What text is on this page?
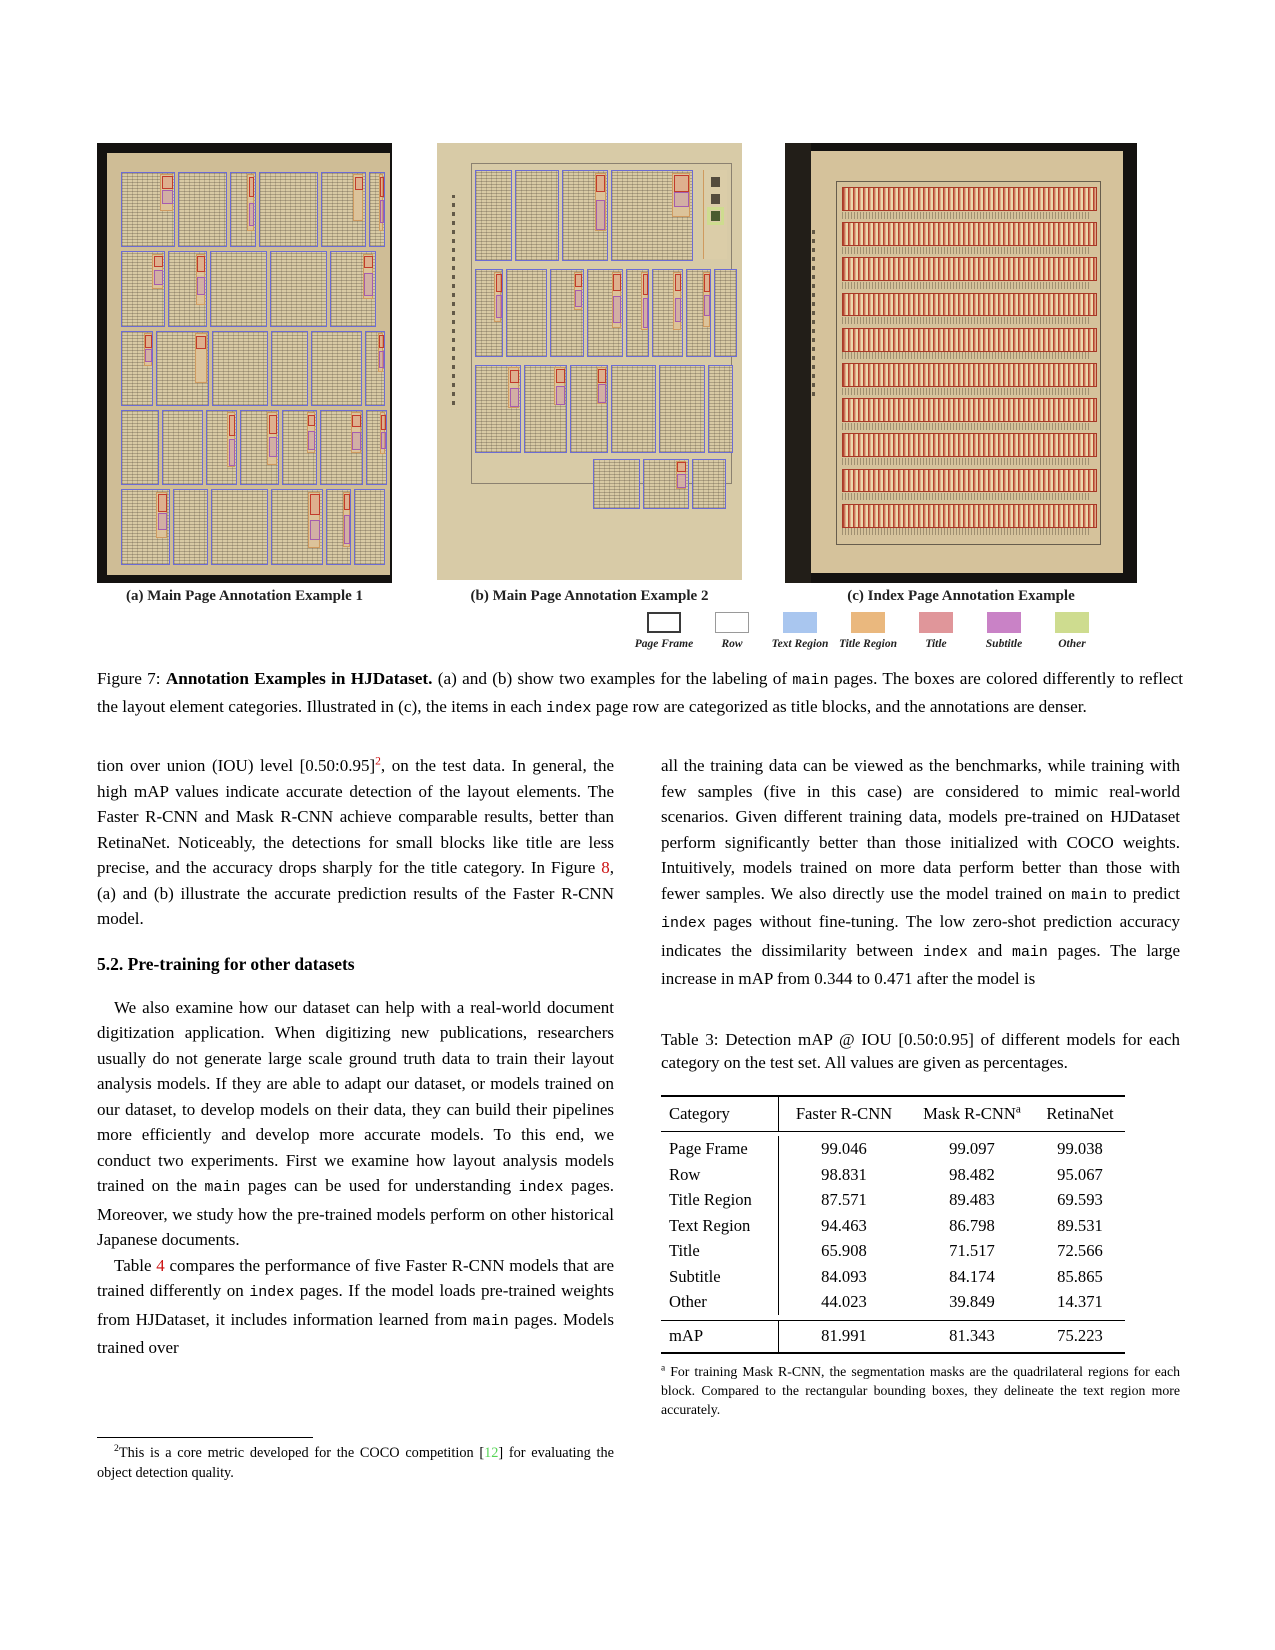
(a) Main Page Annotation Example 1	(b) Main Page Annotation Example 2	(c) Index Page Annotation Example
Page Frame	Row	Text Region Title Region	Title	Subtitle	Other
Figure 7: Annotation Examples in HJDataset. (a) and (b) show two examples for the labeling of main pages. The boxes are colored differently to reflect the layout element categories. Illustrated in (c), the items in each index page row are categorized as title blocks, and the annotations are denser.

tion over union (IOU) level [0.50:0.95]$^2$, on the test data. In general, the high mAP values indicate accurate detection of the layout elements. The Faster R-CNN and Mask R-CNN achieve comparable results, better than RetinaNet. Noticeably, the detections for small blocks like title are less precise, and the accuracy drops sharply for the title category. In Figure 8, (a) and (b) illustrate the accurate prediction results of the Faster R-CNN model.

5.2. Pre-training for other datasets

We also examine how our dataset can help with a real-world document digitization application. When digitizing new publications, researchers usually do not generate large scale ground truth data to train their layout analysis models. If they are able to adapt our dataset, or models trained on our dataset, to develop models on their data, they can build their pipelines more efficiently and develop more accurate models. To this end, we conduct two experiments. First we examine how layout analysis models trained on the main pages can be used for understanding index pages. Moreover, we study how the pre-trained models perform on other historical Japanese documents.

Table 4 compares the performance of five Faster R-CNN models that are trained differently on index pages. If the model loads pre-trained weights from HJDataset, it includes information learned from main pages. Models trained over

$^2$This is a core metric developed for the COCO competition [12] for evaluating the object detection quality.

all the training data can be viewed as the benchmarks, while training with few samples (five in this case) are considered to mimic real-world scenarios. Given different training data, models pre-trained on HJDataset perform significantly better than those initialized with COCO weights. Intuitively, models trained on more data perform better than those with fewer samples. We also directly use the model trained on main to predict index pages without fine-tuning. The low zero-shot prediction accuracy indicates the dissimilarity between index and main pages. The large increase in mAP from 0.344 to 0.471 after the model is

Table 3: Detection mAP @ IOU [0.50:0.95] of different models for each category on the test set. All values are given as percentages.

Category	Faster R-CNN	Mask R-CNN$^a$	RetinaNet
Page Frame	99.046	99.097	99.038
Row	98.831	98.482	95.067
Title Region	87.571	89.483	69.593
Text Region	94.463	86.798	89.531
Title	65.908	71.517	72.566
Subtitle	84.093	84.174	85.865
Other	44.023	39.849	14.371
mAP	81.991	81.343	75.223
$^a$ For training Mask R-CNN, the segmentation masks are the quadrilateral regions for each block. Compared to the rectangular bounding boxes, they delineate the text region more accurately.
